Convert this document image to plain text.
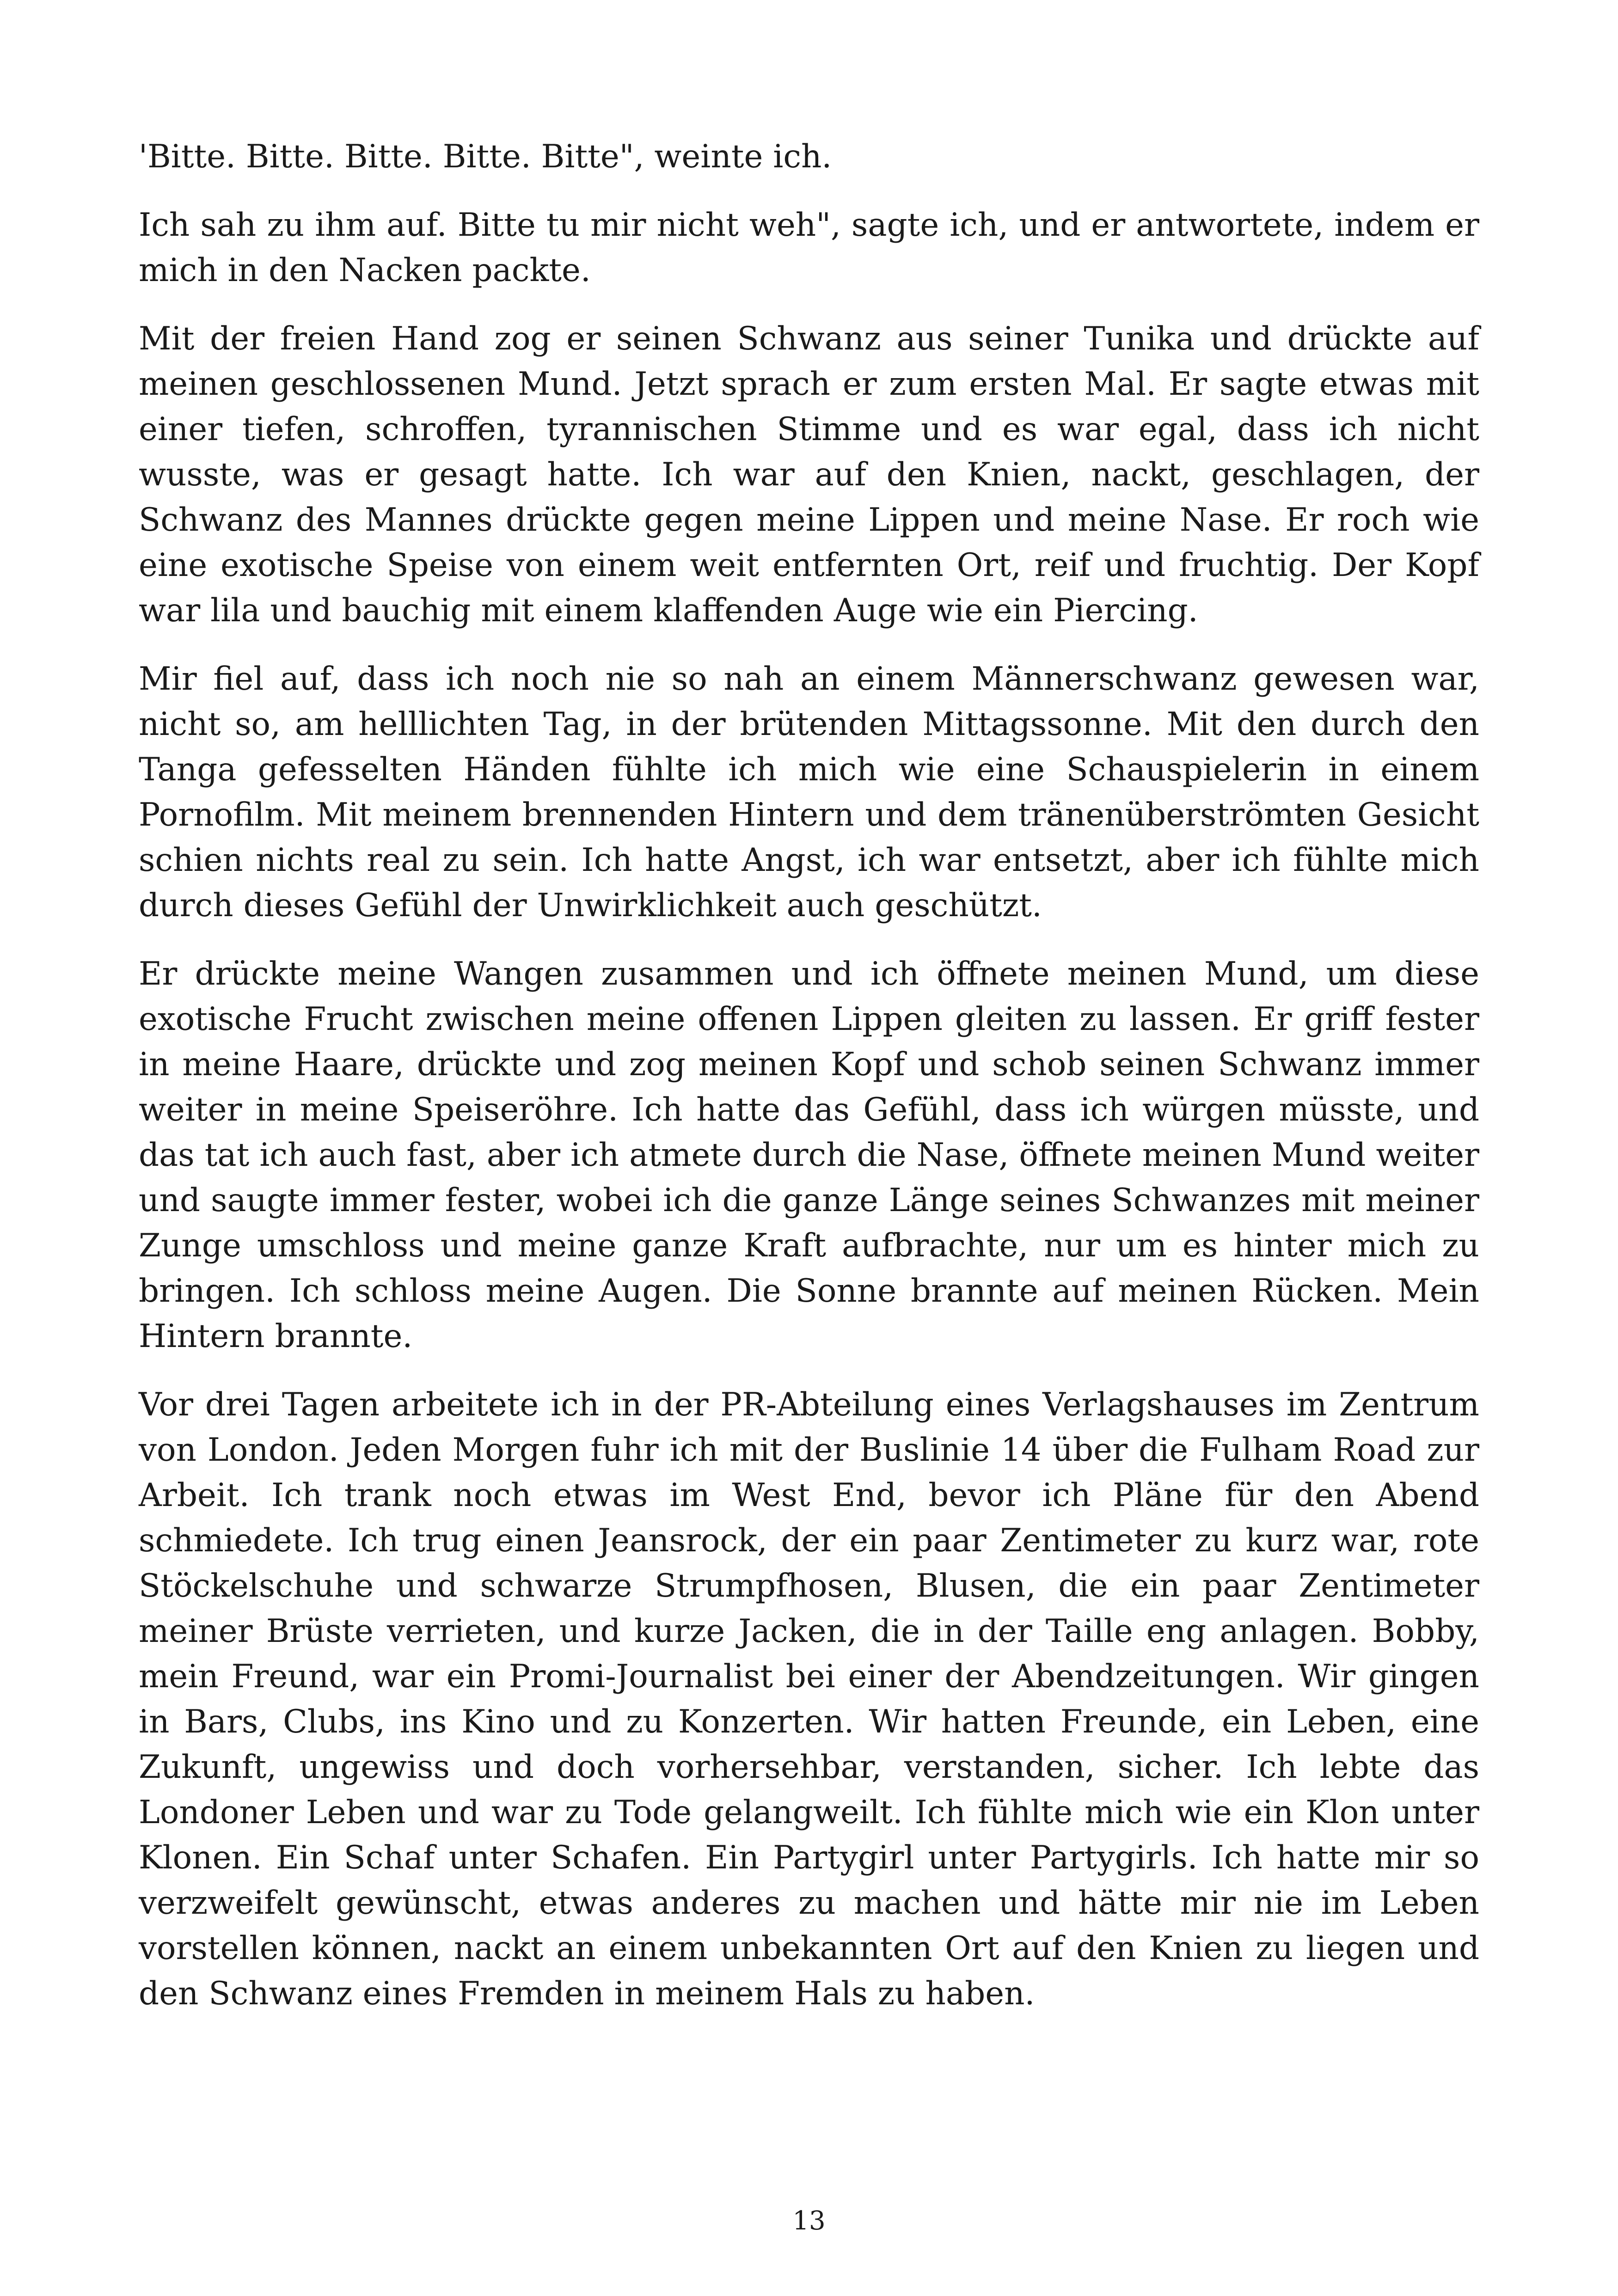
'Bitte. Bitte. Bitte. Bitte. Bitte", weinte ich.

Ich sah zu ihm auf. Bitte tu mir nicht weh", sagte ich, und er antwortete, indem er mich in den Nacken packte.

Mit der freien Hand zog er seinen Schwanz aus seiner Tunika und drückte auf meinen geschlossenen Mund. Jetzt sprach er zum ersten Mal. Er sagte etwas mit einer tiefen, schroffen, tyrannischen Stimme und es war egal, dass ich nicht wusste, was er gesagt hatte. Ich war auf den Knien, nackt, geschlagen, der Schwanz des Mannes drückte gegen meine Lippen und meine Nase. Er roch wie eine exotische Speise von einem weit entfernten Ort, reif und fruchtig. Der Kopf war lila und bauchig mit einem klaffenden Auge wie ein Piercing.

Mir fiel auf, dass ich noch nie so nah an einem Männerschwanz gewesen war, nicht so, am helllichten Tag, in der brütenden Mittagssonne. Mit den durch den Tanga gefesselten Händen fühlte ich mich wie eine Schauspielerin in einem Pornofilm. Mit meinem brennenden Hintern und dem tränenüberströmten Gesicht schien nichts real zu sein. Ich hatte Angst, ich war entsetzt, aber ich fühlte mich durch dieses Gefühl der Unwirklichkeit auch geschützt.

Er drückte meine Wangen zusammen und ich öffnete meinen Mund, um diese exotische Frucht zwischen meine offenen Lippen gleiten zu lassen. Er griff fester in meine Haare, drückte und zog meinen Kopf und schob seinen Schwanz immer weiter in meine Speiseröhre. Ich hatte das Gefühl, dass ich würgen müsste, und das tat ich auch fast, aber ich atmete durch die Nase, öffnete meinen Mund weiter und saugte immer fester, wobei ich die ganze Länge seines Schwanzes mit meiner Zunge umschloss und meine ganze Kraft aufbrachte, nur um es hinter mich zu bringen. Ich schloss meine Augen. Die Sonne brannte auf meinen Rücken. Mein Hintern brannte.

Vor drei Tagen arbeitete ich in der PR-Abteilung eines Verlagshauses im Zentrum von London. Jeden Morgen fuhr ich mit der Buslinie 14 über die Fulham Road zur Arbeit. Ich trank noch etwas im West End, bevor ich Pläne für den Abend schmiedete. Ich trug einen Jeansrock, der ein paar Zentimeter zu kurz war, rote Stöckelschuhe und schwarze Strumpfhosen, Blusen, die ein paar Zentimeter meiner Brüste verrieten, und kurze Jacken, die in der Taille eng anlagen. Bobby, mein Freund, war ein Promi-Journalist bei einer der Abendzeitungen. Wir gingen in Bars, Clubs, ins Kino und zu Konzerten. Wir hatten Freunde, ein Leben, eine Zukunft, ungewiss und doch vorhersehbar, verstanden, sicher. Ich lebte das Londoner Leben und war zu Tode gelangweilt. Ich fühlte mich wie ein Klon unter Klonen. Ein Schaf unter Schafen. Ein Partygirl unter Partygirls. Ich hatte mir so verzweifelt gewünscht, etwas anderes zu machen und hätte mir nie im Leben vorstellen können, nackt an einem unbekannten Ort auf den Knien zu liegen und den Schwanz eines Fremden in meinem Hals zu haben.

13
